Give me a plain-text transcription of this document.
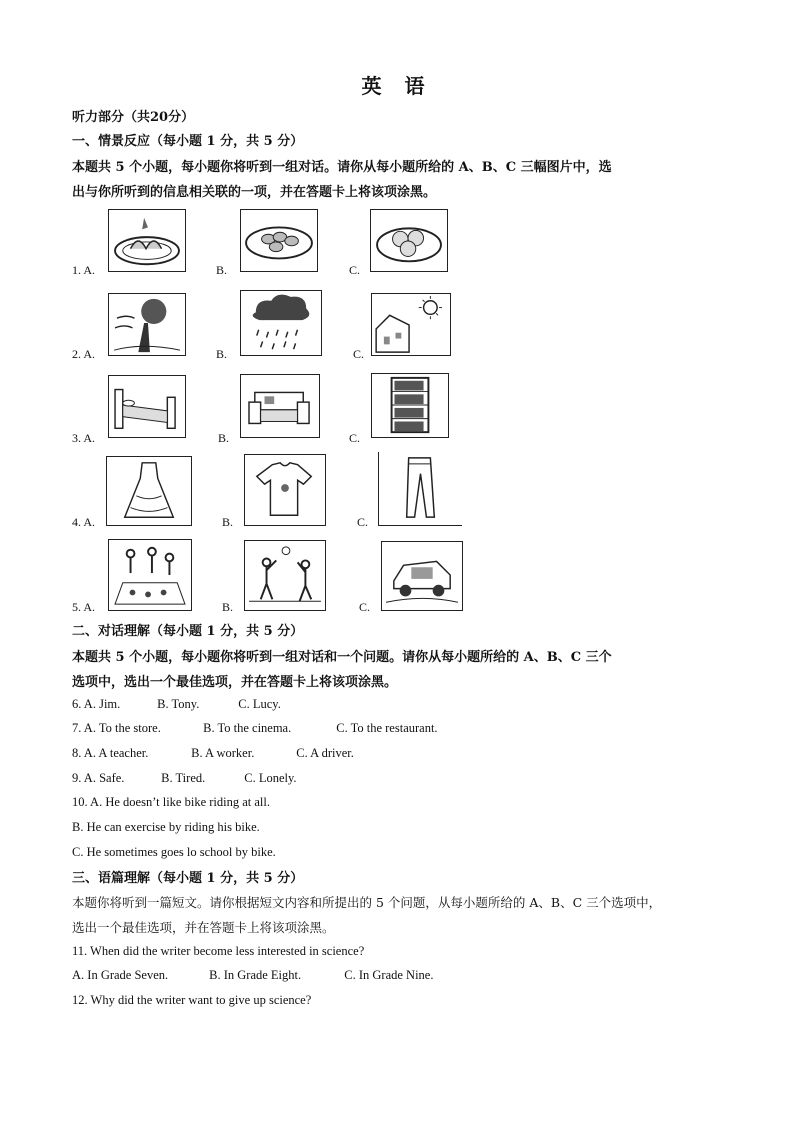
英 语
听力部分（共20分）
一、情景反应（每小题 1 分，共 5 分）
本题共 5 个小题，每小题你将听到一组对话。请你从每小题所给的 A、B、C 三幅图片中，选
出与你所听到的信息相关联的一项，并在答题卡上将该项涂黑。
1. A.	B.	C.
2. A.	B.	C.
3. A.	B.	C.
4. A.	B.	C.
5. A.	B.	C.
二、对话理解（每小题 1 分，共 5 分）
本题共 5 个小题，每小题你将听到一组对话和一个问题。请你从每小题所给的 A、B、C 三个
选项中，选出一个最佳选项，并在答题卡上将该项涂黑。
6. A. Jim.	B. Tony.	C. Lucy.
7. A. To the store.	B. To the cinema.	C. To the restaurant.
8. A. A teacher.	B. A worker.	C. A driver.
9. A. Safe.	B. Tired.	C. Lonely.
10. A. He doesn’t like bike riding at all.
B. He can exercise by riding his bike.
C. He sometimes goes lo school by bike.
三、语篇理解（每小题 1 分，共 5 分）
本题你将听到一篇短文。请你根据短文内容和所提出的 5 个问题，从每小题所给的 A、B、C 三个选项中，
选出一个最佳选项，并在答题卡上将该项涂黑。
11. When did the writer become less interested in science?
A. In Grade Seven.	B. In Grade Eight.	C. In Grade Nine.
12. Why did the writer want to give up science?
